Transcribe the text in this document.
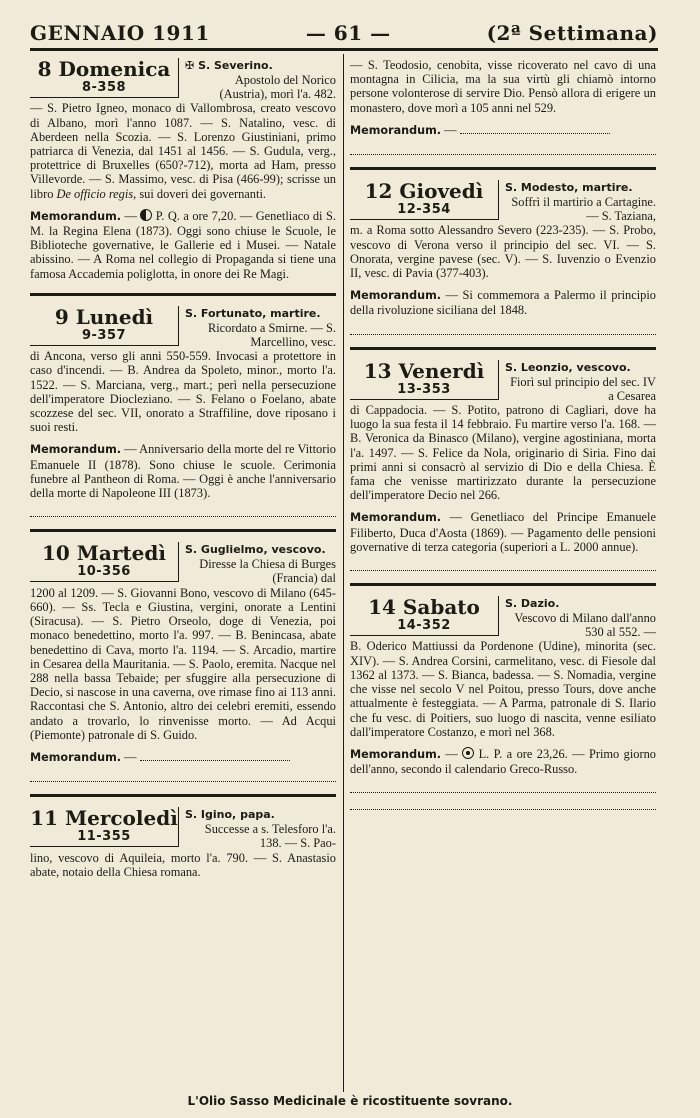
GENNAIO 1911	— 61 —	(2ª Settimana)
8 Domenica
8-358
✠ S. Severino.
Apostolo del Norico (Austria), morì l'a. 482.

— S. Pietro Igneo, monaco di Vallombrosa, creato vescovo di Albano, morì l'anno 1087. — S. Natalino, vesc. di Aberdeen nella Scozia. — S. Lorenzo Giustiniani, primo patriarca di Venezia, dal 1451 al 1456. — S. Gudula, verg., protettrice di Bruxelles (650?-712), morta ad Ham, presso Villevorde. — S. Massimo, vesc. di Pisa (466-99); scrisse un libro De officio regis, sui doveri dei governanti.

Memorandum. — P. Q. a ore 7,20. — Genetliaco di S. M. la Regina Elena (1873). Oggi sono chiuse le Scuole, le Biblioteche governative, le Gallerie ed i Musei. — Natale abissino. — A Roma nel collegio di Propaganda si tiene una famosa Accademia poliglotta, in onore dei Re Magi.

9 Lunedì
9-357
S. Fortunato, martire.
Ricordato a Smirne. — S. Marcellino, vesc.

di Ancona, verso gli anni 550-559. Invocasi a protettore in caso d'incendi. — B. Andrea da Spoleto, minor., morto l'a. 1522. — S. Marciana, verg., mart.; perì nella persecuzione dell'imperatore Diocleziano. — S. Felano o Foelano, abate scozzese del sec. VII, onorato a Straffiline, dove riposano i suoi resti.

Memorandum. — Anniversario della morte del re Vittorio Emanuele II (1878). Sono chiuse le scuole. Cerimonia funebre al Pantheon di Roma. — Oggi è anche l'anniversario della morte di Napoleone III (1873).

10 Martedì
10-356
S. Guglielmo, vescovo.
Diresse la Chiesa di Burges (Francia) dal

1200 al 1209. — S. Giovanni Bono, vescovo di Milano (645-660). — Ss. Tecla e Giustina, vergini, onorate a Lentini (Siracusa). — S. Pietro Orseolo, doge di Venezia, poi monaco benedettino, morto l'a. 997. — B. Benincasa, abate benedettino di Cava, morto l'a. 1194. — S. Arcadio, martire in Cesarea della Mauritania. — S. Paolo, eremita. Nacque nel 288 nella bassa Tebaide; per sfuggire alla persecuzione di Decio, si nascose in una caverna, ove rimase fino ai 113 anni. Raccontasi che S. Antonio, altro dei celebri eremiti, essendo andato a trovarlo, lo rinvenisse morto. — Ad Acqui (Piemonte) patronale di S. Guido.

Memorandum. —

11 Mercoledì
11-355
S. Igino, papa.
Successe a s. Telesforo l'a. 138. — S. Pao-

lino, vescovo di Aquileia, morto l'a. 790. — S. Anastasio abate, notaio della Chiesa romana.

— S. Teodosio, cenobita, visse ricoverato nel cavo di una montagna in Cilicia, ma la sua virtù gli chiamò intorno persone volonterose di servire Dio. Pensò allora di erigere un monastero, dove morì a 105 anni nel 529.

Memorandum. —

12 Giovedì
12-354
S. Modesto, martire.
Soffrì il martirio a Cartagine. — S. Taziana,

m. a Roma sotto Alessandro Severo (223-235). — S. Probo, vescovo di Verona verso il principio del sec. VI. — S. Onorata, vergine pavese (sec. V). — S. Iuvenzio o Evenzio II, vesc. di Pavia (377-403).

Memorandum. — Si commemora a Palermo il principio della rivoluzione siciliana del 1848.

13 Venerdì
13-353
S. Leonzio, vescovo.
Fiorì sul principio del sec. IV a Cesarea

di Cappadocia. — S. Potito, patrono di Cagliari, dove ha luogo la sua festa il 14 febbraio. Fu martire verso l'a. 168. — B. Veronica da Binasco (Milano), vergine agostiniana, morta l'a. 1497. — S. Felice da Nola, originario di Siria. Fino dai primi anni si consacrò al servizio di Dio e della Chiesa. È fama che venisse martirizzato durante la persecuzione dell'imperatore Decio nel 266.

Memorandum. — Genetliaco del Principe Emanuele Filiberto, Duca d'Aosta (1869). — Pagamento delle pensioni governative di terza categoria (superiori a L. 2000 annue).

14 Sabato
14-352
S. Dazio.
Vescovo di Milano dall'anno 530 al 552. —

B. Oderico Mattiussi da Pordenone (Udine), minorita (sec. XIV). — S. Andrea Corsini, carmelitano, vesc. di Fiesole dal 1362 al 1373. — S. Bianca, badessa. — S. Nomadia, vergine che visse nel secolo V nel Poitou, presso Tours, dove anche attualmente è festeggiata. — A Parma, patronale di S. Ilario che fu vesc. di Poitiers, suo luogo di nascita, venne esiliato dall'imperatore Costanzo, e morì nel 368.

Memorandum. — L. P. a ore 23,26. — Primo giorno dell'anno, secondo il calendario Greco-Russo.

L'Olio Sasso Medicinale è ricostituente sovrano.
